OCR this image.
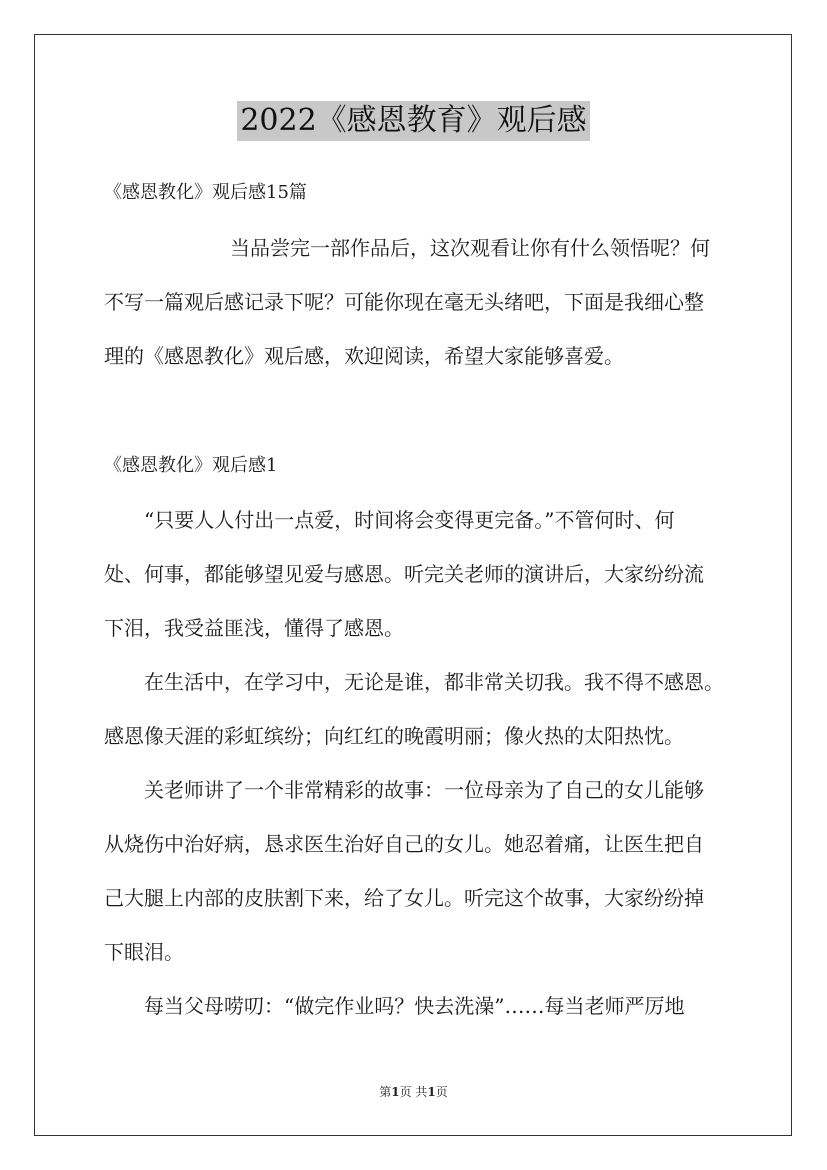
2022《感恩教育》观后感

《感恩教化》观后感15篇

当品尝完一部作品后，这次观看让你有什么领悟呢？何

不写一篇观后感记录下呢？可能你现在毫无头绪吧，下面是我细心整

理的《感恩教化》观后感，欢迎阅读，希望大家能够喜爱。

《感恩教化》观后感1

“只要人人付出一点爱，时间将会变得更完备。”不管何时、何

处、何事，都能够望见爱与感恩。听完关老师的演讲后，大家纷纷流

下泪，我受益匪浅，懂得了感恩。

在生活中，在学习中，无论是谁，都非常关切我。我不得不感恩。

感恩像天涯的彩虹缤纷；向红红的晚霞明丽；像火热的太阳热忱。

关老师讲了一个非常精彩的故事：一位母亲为了自己的女儿能够

从烧伤中治好病，恳求医生治好自己的女儿。她忍着痛，让医生把自

己大腿上内部的皮肤割下来，给了女儿。听完这个故事，大家纷纷掉

下眼泪。

每当父母唠叨：“做完作业吗？快去洗澡”……每当老师严厉地

第1页 共1页
